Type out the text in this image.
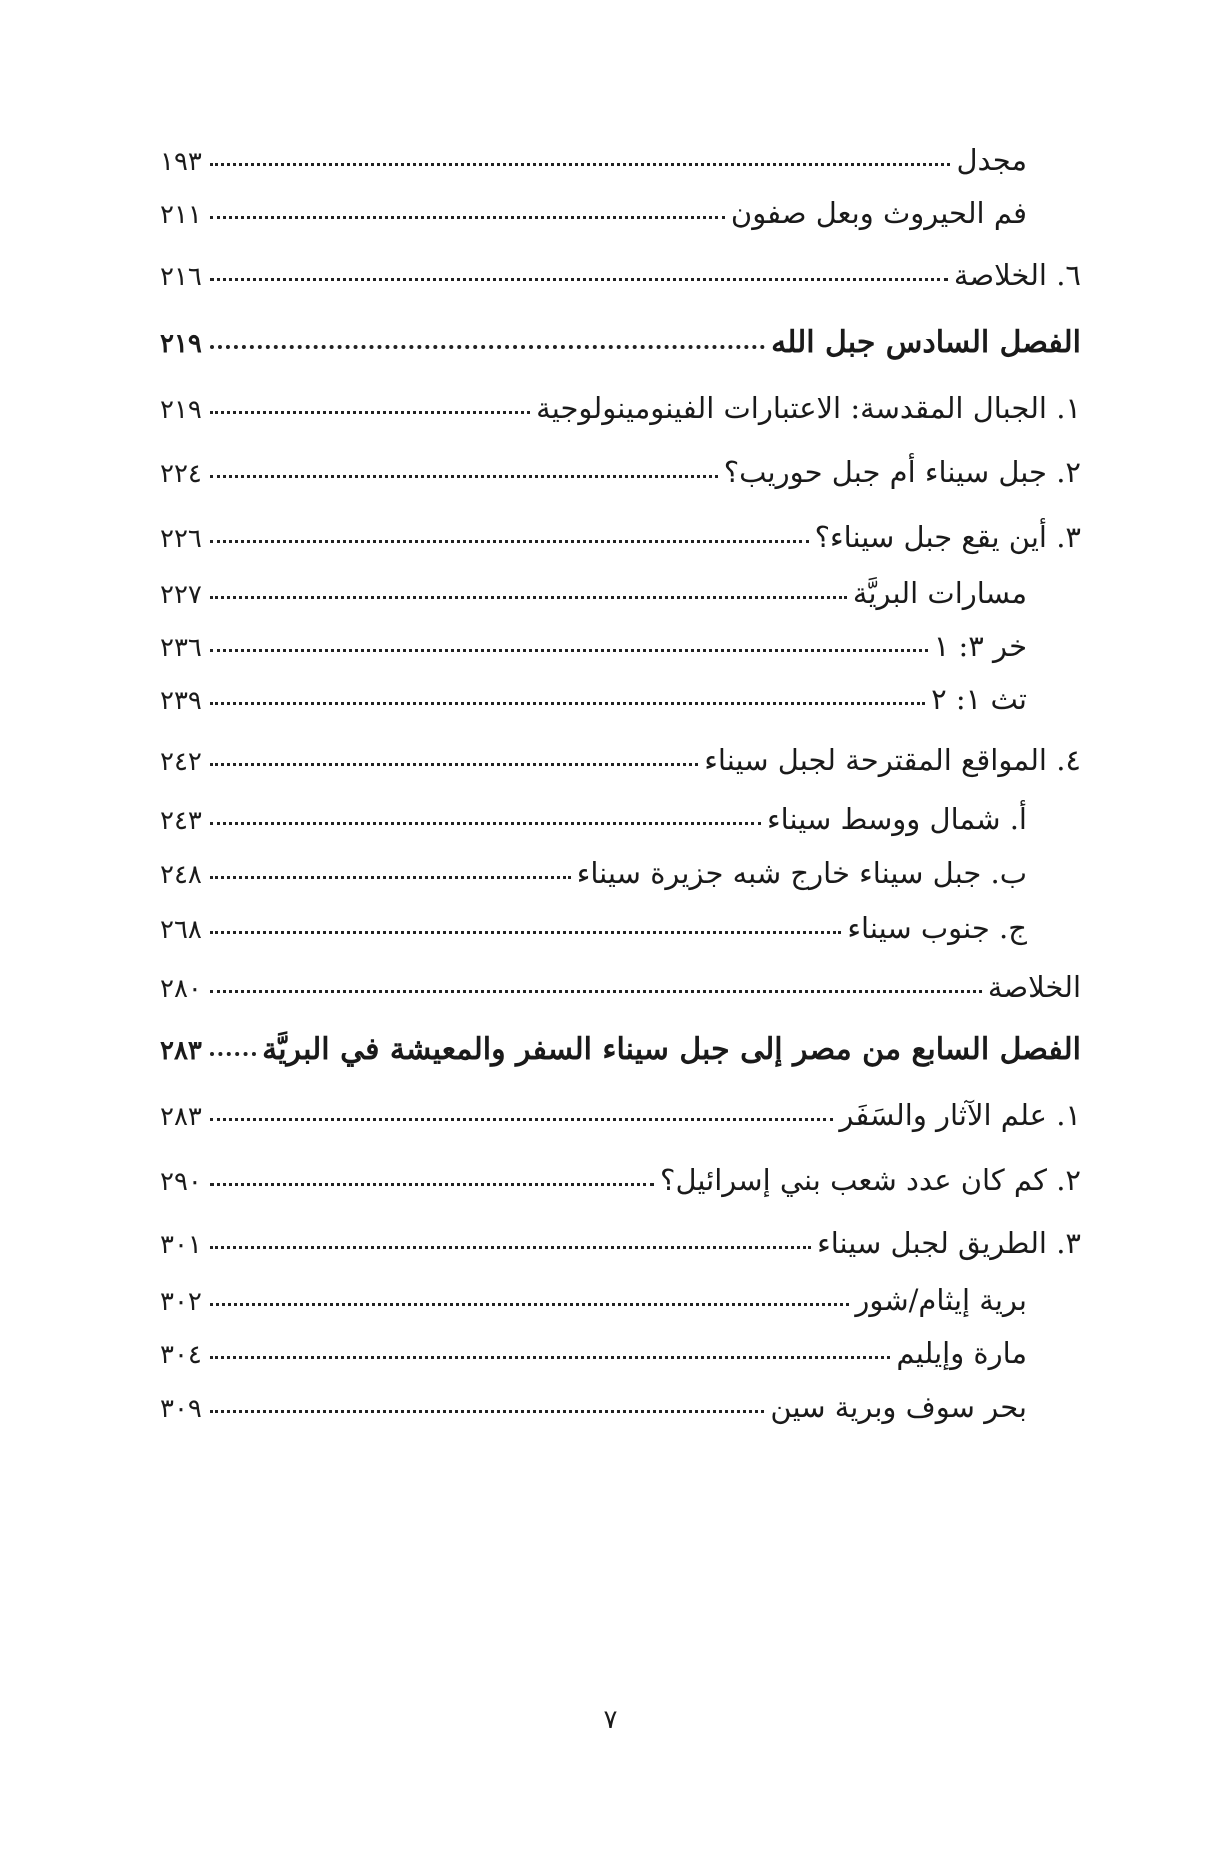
مجدل
١٩٣
فم الحيروث وبعل صفون
٢١١
٦. الخلاصة
٢١٦
الفصل السادس جبل الله
٢١٩
١. الجبال المقدسة: الاعتبارات الفينومينولوجية
٢١٩
٢. جبل سيناء أم جبل حوريب؟
٢٢٤
٣. أين يقع جبل سيناء؟
٢٢٦
مسارات البريَّة
٢٢٧
خر ٣: ١
٢٣٦
تث ١: ٢
٢٣٩
٤. المواقع المقترحة لجبل سيناء
٢٤٢
أ. شمال ووسط سيناء
٢٤٣
ب. جبل سيناء خارج شبه جزيرة سيناء
٢٤٨
ج. جنوب سيناء
٢٦٨
الخلاصة
٢٨٠
الفصل السابع من مصر إلى جبل سيناء السفر والمعيشة في البريَّة
٢٨٣
١. علم الآثار والسَفَر
٢٨٣
٢. كم كان عدد شعب بني إسرائيل؟
٢٩٠
٣. الطريق لجبل سيناء
٣٠١
برية إيثام/شور
٣٠٢
مارة وإيليم
٣٠٤
بحر سوف وبرية سين
٣٠٩
٧
